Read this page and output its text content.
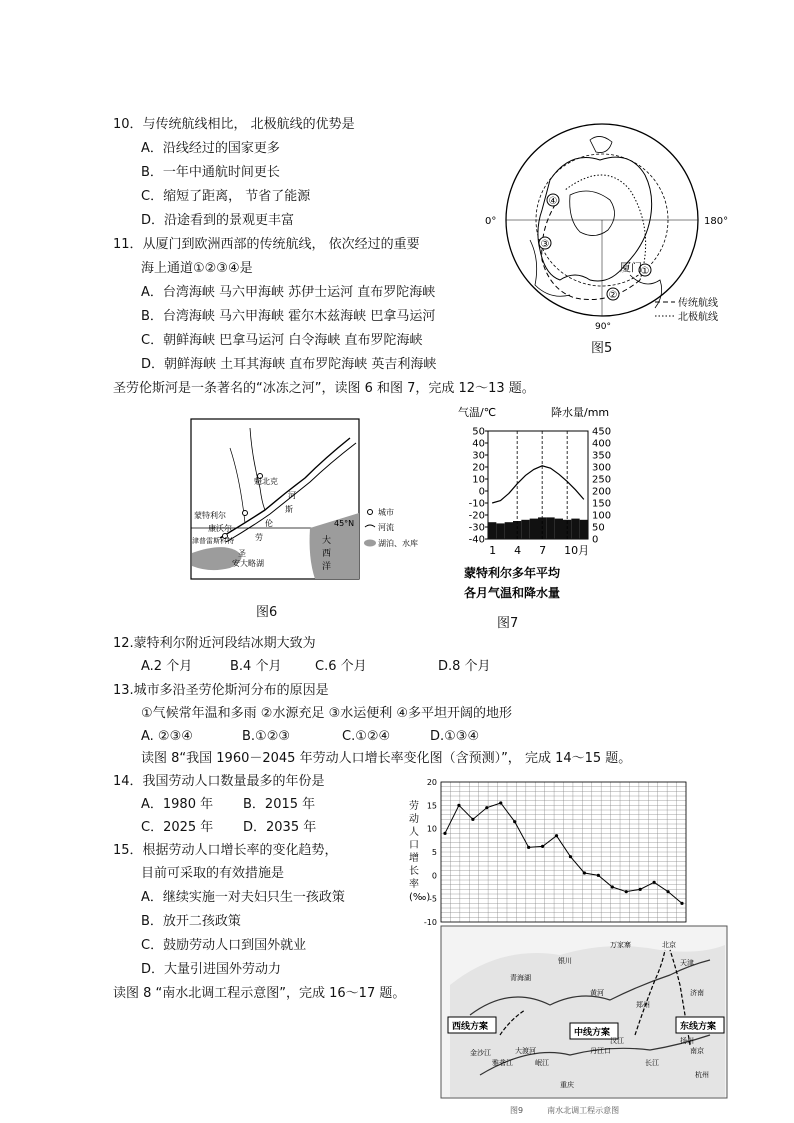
10．与传统航线相比， 北极航线的优势是
A．沿线经过的国家更多
B．一年中通航时间更长
C．缩短了距离， 节省了能源
D．沿途看到的景观更丰富
11．从厦门到欧洲西部的传统航线， 依次经过的重要
海上通道①②③④是
A．台湾海峡 马六甲海峡 苏伊士运河 直布罗陀海峡
B．台湾海峡 马六甲海峡 霍尔木兹海峡 巴拿马运河
C．朝鲜海峡 巴拿马运河 白令海峡 直布罗陀海峡
D．朝鲜海峡 土耳其海峡 直布罗陀海峡 英吉利海峡
①
②
③
④
厦门
0°	180°
90°
传统航线
北极航线
图5
圣劳伦斯河是一条著名的“冰冻之河”，读图 6 和图 7，完成 12～13 题。
魁北克
蒙特利尔
康沃尔
津普雷斯科特
圣
劳
伦
河
斯
安大略湖
大
西
洋
45°N
城市
河流
湖泊、水库
图6
气温/℃	降水量/mm
50
40
30
20
10
0
-10
-20
-30
-40
450
400
350
300
250
200
150
100
50
0
1 4 7 10月
蒙特利尔多年平均
各月气温和降水量
图7
12.蒙特利尔附近河段结冰期大致为
A.2 个月	B.4 个月	C.6 个月	D.8 个月
13.城市多沿圣劳伦斯河分布的原因是
①气候常年温和多雨 ②水源充足 ③水运便利 ④多平坦开阔的地形
A. ②③④	B.①②③	C.①②④	D.①③④
读图 8“我国 1960－2045 年劳动人口增长率变化图（含预测）”， 完成 14～15 题。
14．我国劳动人口数量最多的年份是
A．1980 年 B．2015 年
C．2025 年 D．2035 年
15．根据劳动人口增长率的变化趋势，
目前可采取的有效措施是
A．继续实施一对夫妇只生一孩政策
B．放开二孩政策
C．鼓励劳动人口到国外就业
D．大量引进国外劳动力
劳
动
人
口
增
长
率
(‰)
20
15
10
5
0
-5
-10
读图 8 “南水北调工程示意图”，完成 16～17 题。
西线方案
中线方案
东线方案
北京
天津
青海湖
银川
万家寨
郑州
济南
丹江口	南京
杭州
扬州
重庆
金沙江
雅砻江
大渡河
岷江	长江
黄河
汉江
图9　　　南水北调工程示意图
